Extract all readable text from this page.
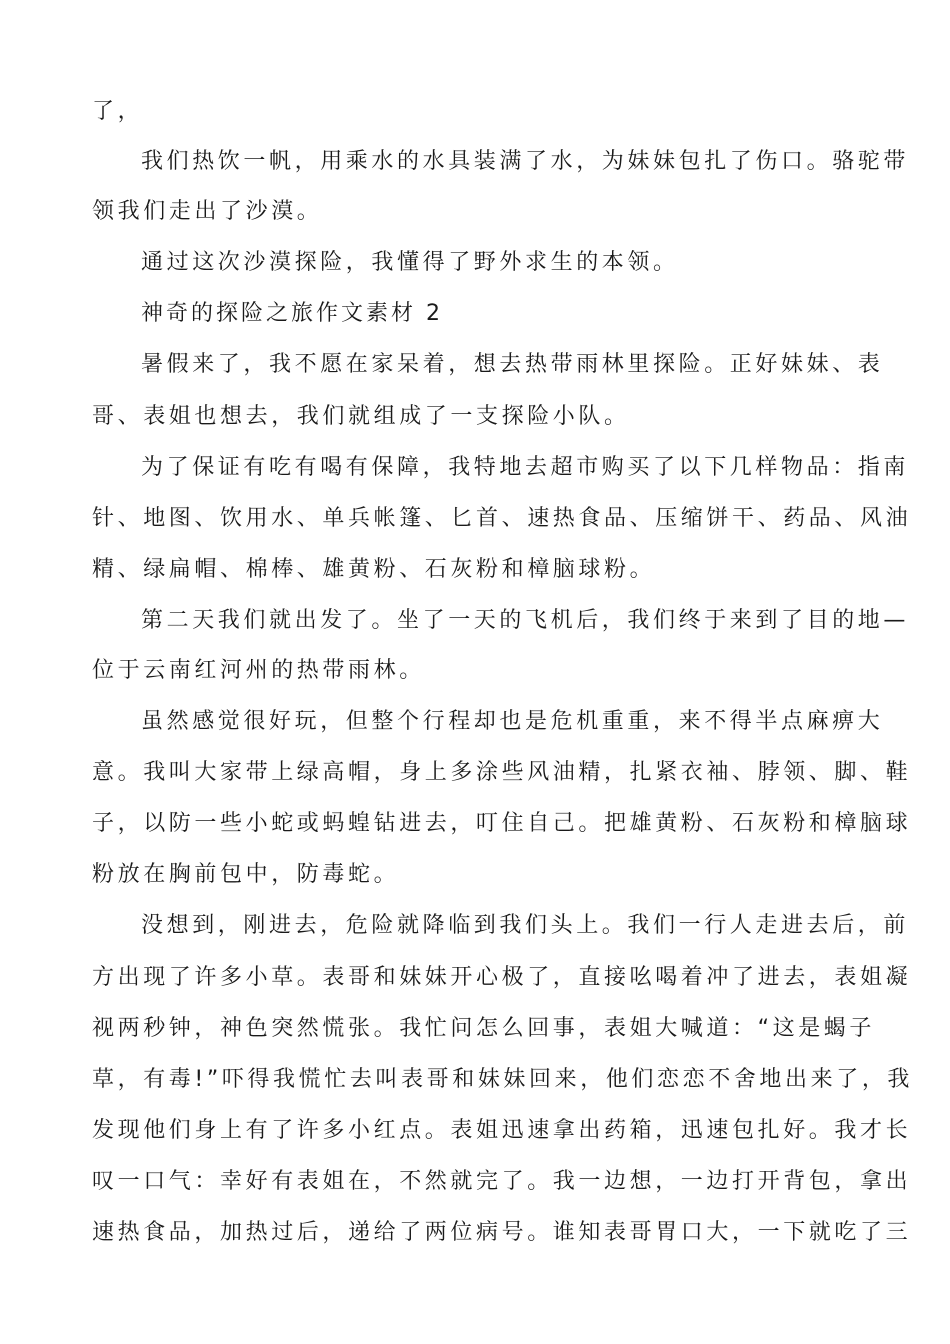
了，
我们热饮一帆，用乘水的水具装满了水，为妹妹包扎了伤口。骆驼带
领我们走出了沙漠。
通过这次沙漠探险，我懂得了野外求生的本领。
神奇的探险之旅作文素材 2
暑假来了，我不愿在家呆着，想去热带雨林里探险。正好妹妹、表
哥、表姐也想去，我们就组成了一支探险小队。
为了保证有吃有喝有保障，我特地去超市购买了以下几样物品：指南
针、地图、饮用水、单兵帐篷、匕首、速热食品、压缩饼干、药品、风油
精、绿扁帽、棉棒、雄黄粉、石灰粉和樟脑球粉。
第二天我们就出发了。坐了一天的飞机后，我们终于来到了目的地—
位于云南红河州的热带雨林。
虽然感觉很好玩，但整个行程却也是危机重重，来不得半点麻痹大
意。我叫大家带上绿高帽，身上多涂些风油精，扎紧衣袖、脖领、脚、鞋
子，以防一些小蛇或蚂蝗钻进去，叮住自己。把雄黄粉、石灰粉和樟脑球
粉放在胸前包中，防毒蛇。
没想到，刚进去，危险就降临到我们头上。我们一行人走进去后，前
方出现了许多小草。表哥和妹妹开心极了，直接吆喝着冲了进去，表姐凝
视两秒钟，神色突然慌张。我忙问怎么回事，表姐大喊道：“这是蝎子
草，有毒!”吓得我慌忙去叫表哥和妹妹回来，他们恋恋不舍地出来了，我
发现他们身上有了许多小红点。表姐迅速拿出药箱，迅速包扎好。我才长
叹一口气：幸好有表姐在，不然就完了。我一边想，一边打开背包，拿出
速热食品，加热过后，递给了两位病号。谁知表哥胃口大，一下就吃了三
